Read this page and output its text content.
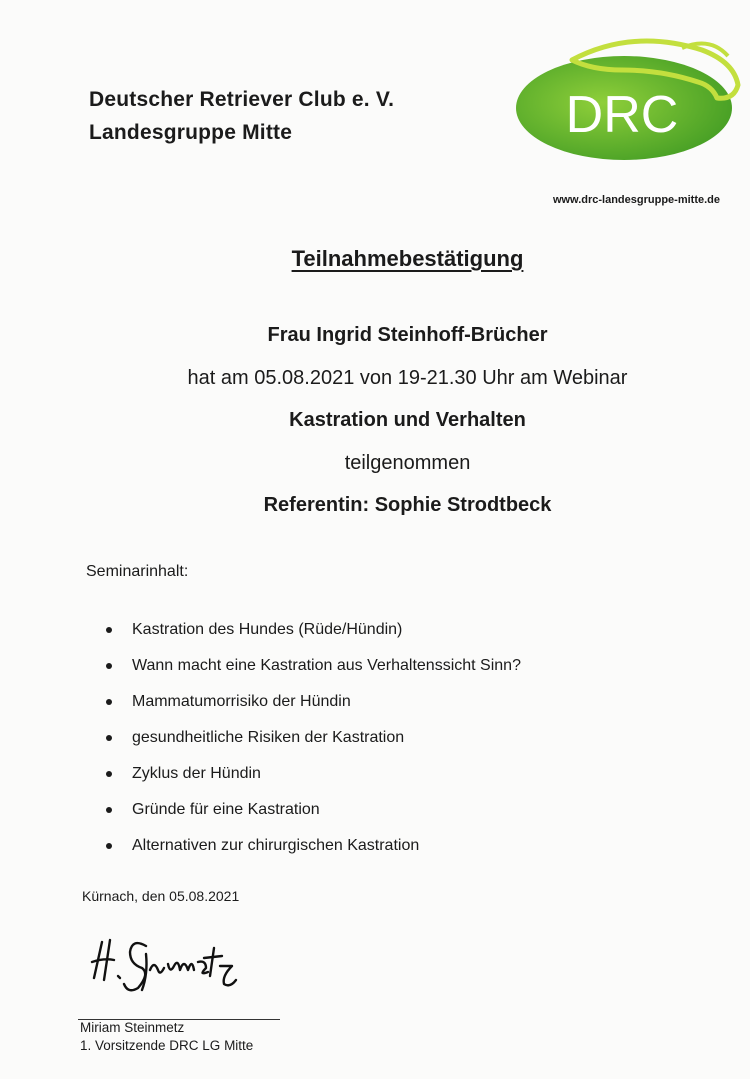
Deutscher Retriever Club e. V.
Landesgruppe Mitte	DRC
www.drc-landesgruppe-mitte.de
Teilnahmebestätigung
Frau Ingrid Steinhoff-Brücher
hat am 05.08.2021 von 19-21.30 Uhr am Webinar
Kastration und Verhalten
teilgenommen
Referentin: Sophie Strodtbeck
Seminarinhalt:
Kastration des Hundes (Rüde/Hündin)
Wann macht eine Kastration aus Verhaltenssicht Sinn?
Mammatumorrisiko der Hündin
gesundheitliche Risiken der Kastration
Zyklus der Hündin
Gründe für eine Kastration
Alternativen zur chirurgischen Kastration
Kürnach, den 05.08.2021
Miriam Steinmetz
1. Vorsitzende DRC LG Mitte
